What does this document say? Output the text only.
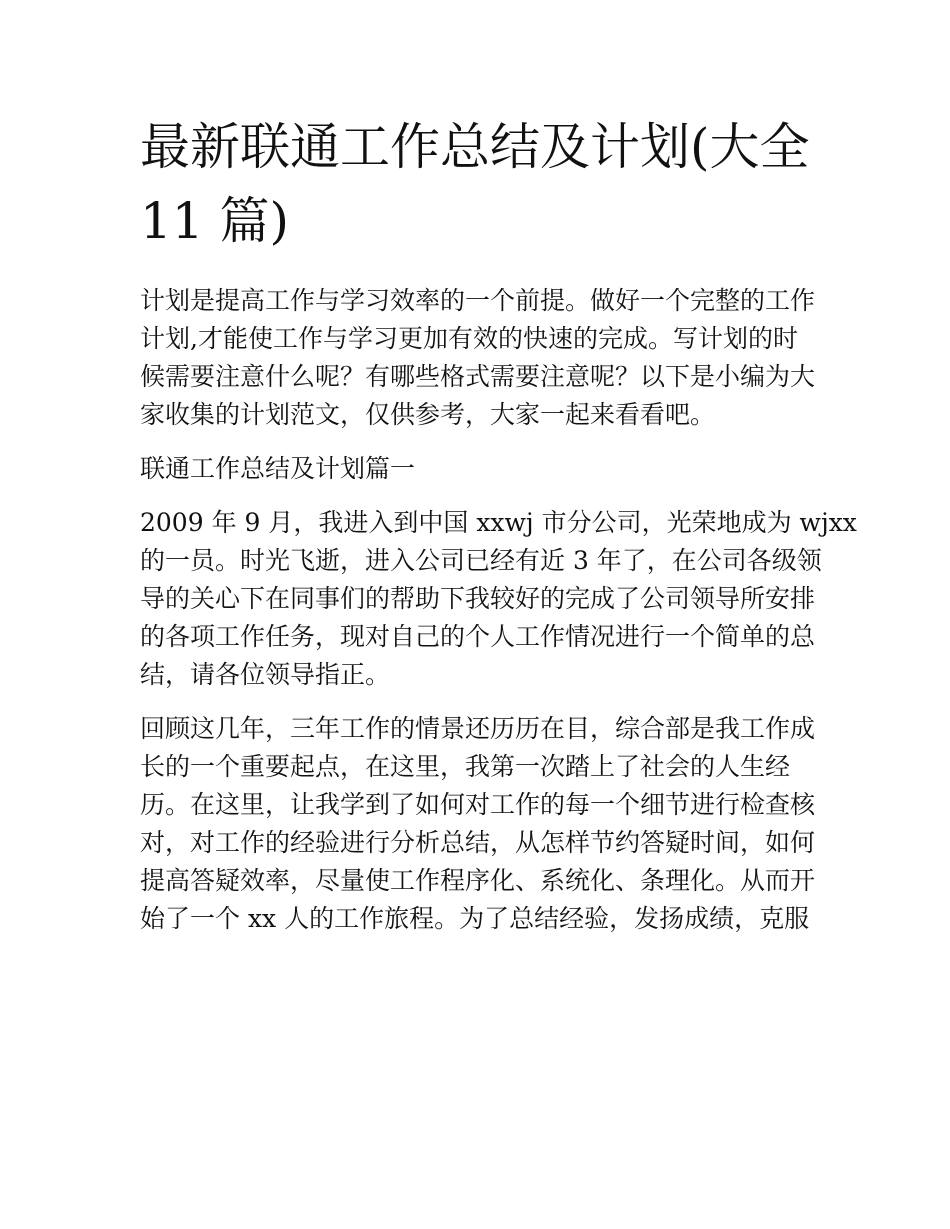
最新联通工作总结及计划(大全
11 篇)
计划是提高工作与学习效率的一个前提。做好一个完整的工作
计划,才能使工作与学习更加有效的快速的完成。写计划的时
候需要注意什么呢？有哪些格式需要注意呢？以下是小编为大
家收集的计划范文，仅供参考，大家一起来看看吧。
联通工作总结及计划篇一
2009 年 9 月，我进入到中国 xxwj 市分公司，光荣地成为 wjxx
的一员。时光飞逝，进入公司已经有近 3 年了，在公司各级领
导的关心下在同事们的帮助下我较好的完成了公司领导所安排
的各项工作任务，现对自己的个人工作情况进行一个简单的总
结，请各位领导指正。
回顾这几年，三年工作的情景还历历在目，综合部是我工作成
长的一个重要起点，在这里，我第一次踏上了社会的人生经
历。在这里，让我学到了如何对工作的每一个细节进行检查核
对，对工作的经验进行分析总结，从怎样节约答疑时间，如何
提高答疑效率，尽量使工作程序化、系统化、条理化。从而开
始了一个 xx 人的工作旅程。为了总结经验，发扬成绩，克服
